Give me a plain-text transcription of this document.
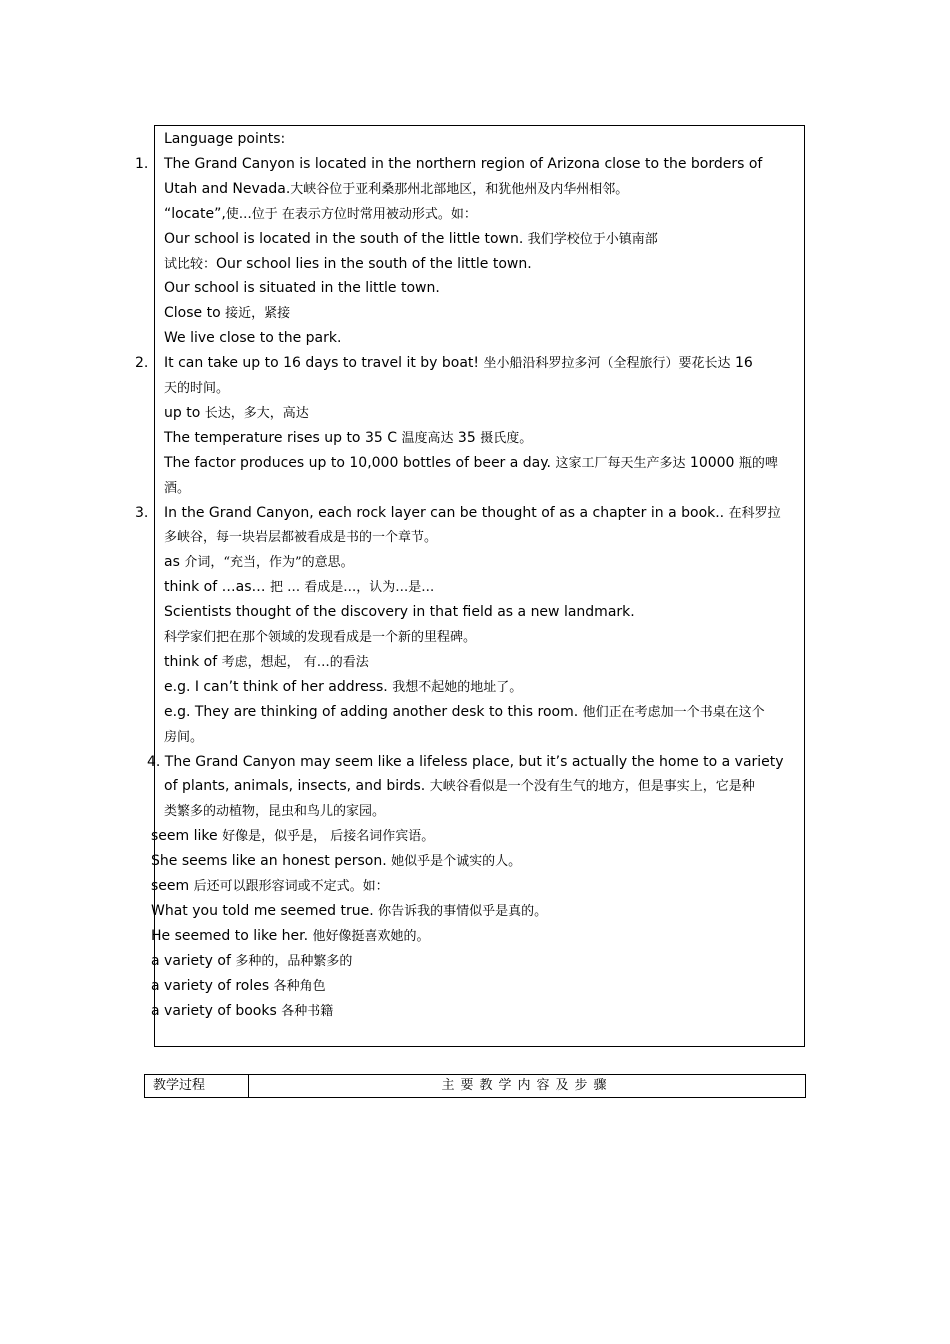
Language points:
The Grand Canyon is located in the northern region of Arizona close to the borders of
Utah and Nevada.大峡谷位于亚利桑那州北部地区，和犹他州及内华州相邻。
“locate”,使…位于 在表示方位时常用被动形式。如：
Our school is located in the south of the little town. 我们学校位于小镇南部
试比较：Our school lies in the south of the little town.
Our school is situated in the little town.
Close to 接近，紧接
We live close to the park.
It can take up to 16 days to travel it by boat! 坐小船沿科罗拉多河（全程旅行）要花长达 16
天的时间。
up to 长达，多大，高达
The temperature rises up to 35 C 温度高达 35 摄氏度。
The factor produces up to 10,000 bottles of beer a day. 这家工厂每天生产多达 10000 瓶的啤
酒。
In the Grand Canyon, each rock layer can be thought of as a chapter in a book.. 在科罗拉
多峡谷，每一块岩层都被看成是书的一个章节。
as 介词，“充当，作为”的意思。
think of …as… 把 … 看成是…，认为…是…
Scientists thought of the discovery in that field as a new landmark.
科学家们把在那个领域的发现看成是一个新的里程碑。
think of 考虑，想起， 有…的看法
e.g. I can’t think of her address. 我想不起她的地址了。
e.g. They are thinking of adding another desk to this room. 他们正在考虑加一个书桌在这个
房间。
4. The Grand Canyon may seem like a lifeless place, but it’s actually the home to a variety
of plants, animals, insects, and birds. 大峡谷看似是一个没有生气的地方，但是事实上，它是种
类繁多的动植物，昆虫和鸟儿的家园。
seem like 好像是，似乎是， 后接名词作宾语。
She seems like an honest person. 她似乎是个诚实的人。
seem 后还可以跟形容词或不定式。如：
What you told me seemed true. 你告诉我的事情似乎是真的。
He seemed to like her. 他好像挺喜欢她的。
a variety of 多种的，品种繁多的
a variety of roles 各种角色
a variety of books 各种书籍
1.
2.
3.
教学过程	主要教学内容及步骤
